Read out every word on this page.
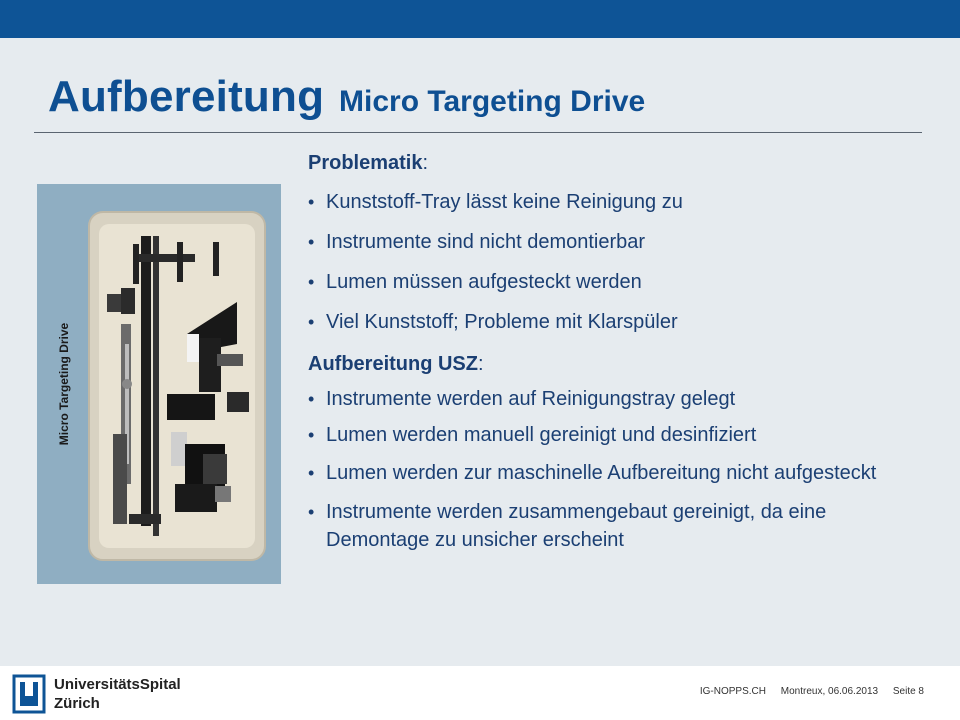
Aufbereitung Micro Targeting Drive
Micro Targeting Drive
Problematik:
• Kunststoff-Tray lässt keine Reinigung zu
• Instrumente sind nicht demontierbar
• Lumen müssen aufgesteckt werden
• Viel Kunststoff; Probleme mit Klarspüler
Aufbereitung USZ:
• Instrumente werden auf Reinigungstray gelegt
• Lumen werden manuell gereinigt und desinfiziert
• Lumen werden zur maschinelle Aufbereitung nicht aufgesteckt
• Instrumente werden zusammengebaut gereinigt, da eine Demontage zu unsicher erscheint
UniversitätsSpital
Zürich
IG-NOPPS.CH Montreux, 06.06.2013 Seite 8
